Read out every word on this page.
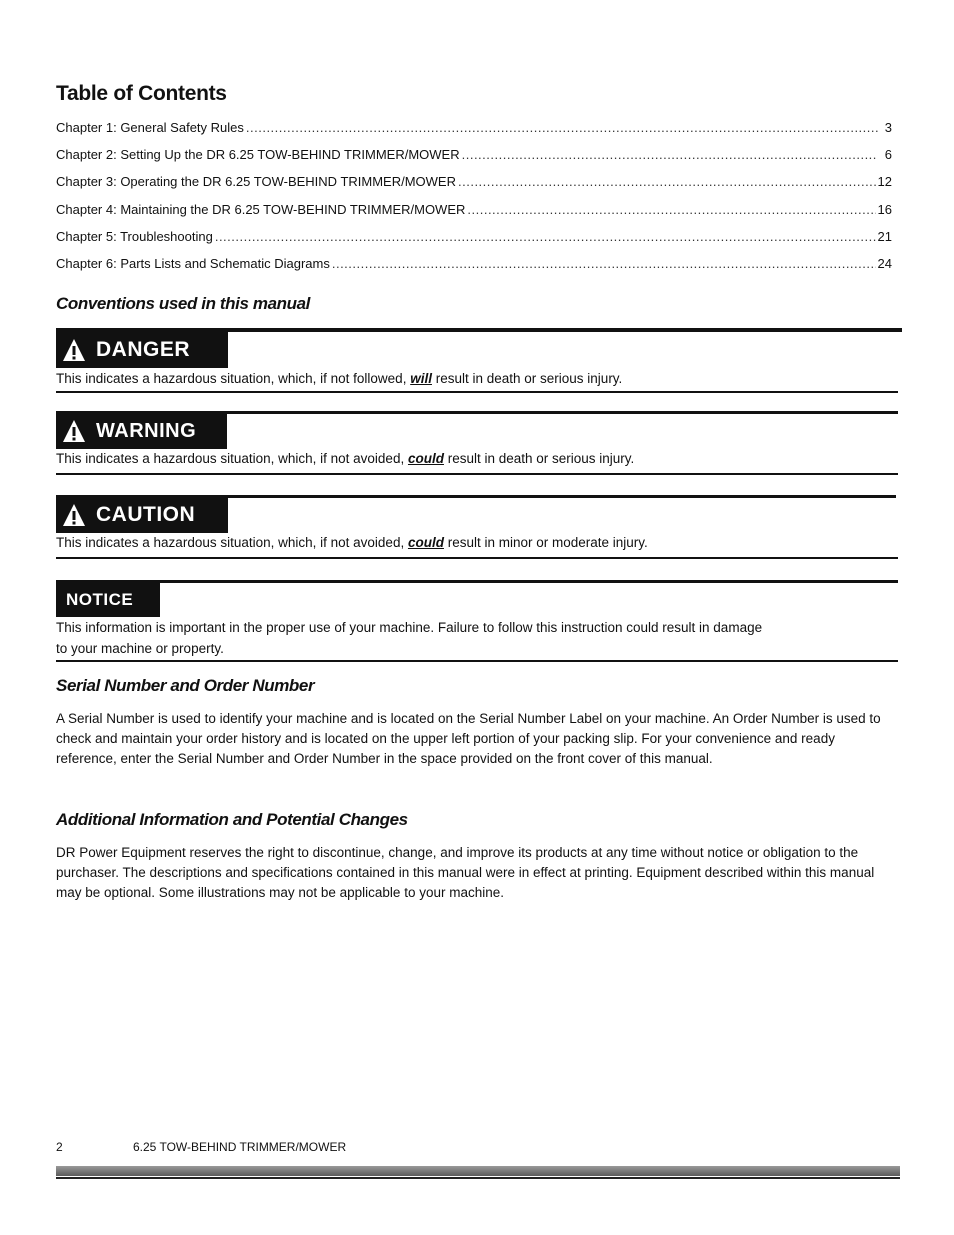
Table of Contents
Chapter 1: General Safety Rules .....	3
Chapter 2: Setting Up the DR 6.25 TOW-BEHIND TRIMMER/MOWER .....	6
Chapter 3: Operating the DR 6.25 TOW-BEHIND TRIMMER/MOWER .....	12
Chapter 4: Maintaining the DR 6.25 TOW-BEHIND TRIMMER/MOWER .....	16
Chapter 5: Troubleshooting .....	21
Chapter 6: Parts Lists and Schematic Diagrams .....	24
Conventions used in this manual
DANGER
This indicates a hazardous situation, which, if not followed, will result in death or serious injury.
WARNING
This indicates a hazardous situation, which, if not avoided, could result in death or serious injury.
CAUTION
This indicates a hazardous situation, which, if not avoided, could result in minor or moderate injury.
NOTICE
This information is important in the proper use of your machine. Failure to follow this instruction could result in damage
to your machine or property.
Serial Number and Order Number

A Serial Number is used to identify your machine and is located on the Serial Number Label on your machine. An Order Number is used to check and maintain your order history and is located on the upper left portion of your packing slip. For your convenience and ready reference, enter the Serial Number and Order Number in the space provided on the front cover of this manual.

Additional Information and Potential Changes

DR Power Equipment reserves the right to discontinue, change, and improve its products at any time without notice or obligation to the purchaser. The descriptions and specifications contained in this manual were in effect at printing. Equipment described within this manual may be optional. Some illustrations may not be applicable to your machine.

2	6.25 TOW-BEHIND TRIMMER/MOWER
